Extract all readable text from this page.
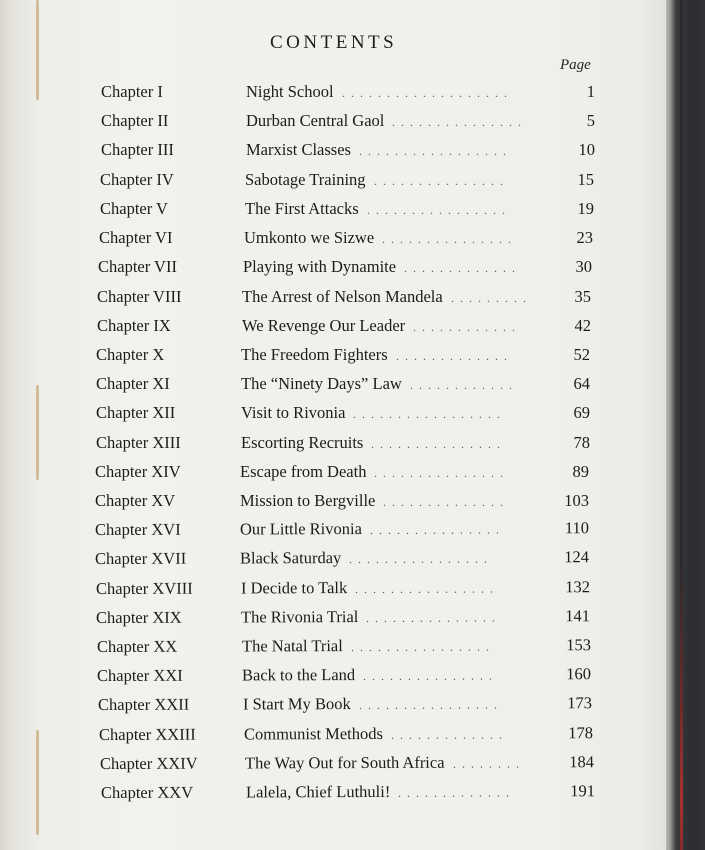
CONTENTS
Page
Chapter I	Night School ...................	1
Chapter II	Durban Central Gaol ...............	5
Chapter III	Marxist Classes .................	10
Chapter IV	Sabotage Training ...............	15
Chapter V	The First Attacks ................	19
Chapter VI	Umkonto we Sizwe ...............	23
Chapter VII	Playing with Dynamite .............	30
Chapter VIII	The Arrest of Nelson Mandela .........	35
Chapter IX	We Revenge Our Leader ............	42
Chapter X	The Freedom Fighters .............	52
Chapter XI	The “Ninety Days” Law ............	64
Chapter XII	Visit to Rivonia .................	69
Chapter XIII	Escorting Recruits ...............	78
Chapter XIV	Escape from Death ...............	89
Chapter XV	Mission to Bergville ..............	103
Chapter XVI	Our Little Rivonia ...............	110
Chapter XVII	Black Saturday ................	124
Chapter XVIII	I Decide to Talk ................	132
Chapter XIX	The Rivonia Trial ...............	141
Chapter XX	The Natal Trial ................	153
Chapter XXI	Back to the Land ...............	160
Chapter XXII	I Start My Book ................	173
Chapter XXIII	Communist Methods .............	178
Chapter XXIV	The Way Out for South Africa ........	184
Chapter XXV	Lalela, Chief Luthuli! .............	191
